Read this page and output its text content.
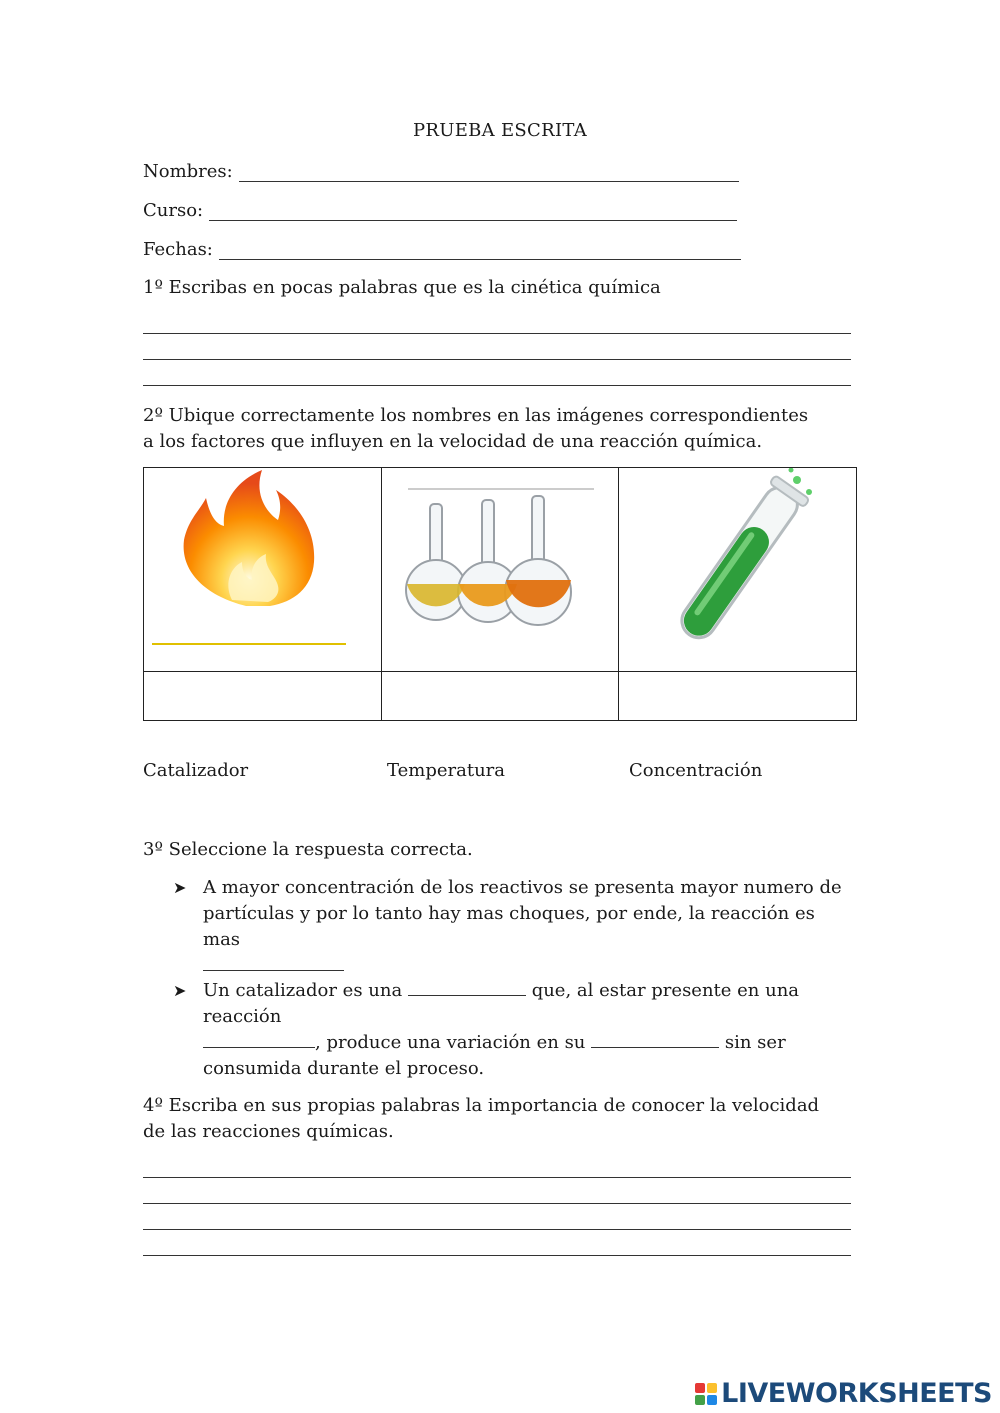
PRUEBA ESCRITA
Nombres:
Curso:
Fechas:
1º Escribas en pocas palabras que es la cinética química
2º Ubique correctamente los nombres en las imágenes correspondientes a los factores que influyen en la velocidad de una reacción química.

Catalizador	Temperatura	Concentración
3º Seleccione la respuesta correcta.
➤ A mayor concentración de los reactivos se presenta mayor numero de partículas y por lo tanto hay mas choques, por ende, la reacción es mas

➤ Un catalizador es una	que, al estar presente en una reacción
, produce una variación en su	sin ser consumida durante el proceso.
4º Escriba en sus propias palabras la importancia de conocer la velocidad de las reacciones químicas.
LIVEWORKSHEETS
